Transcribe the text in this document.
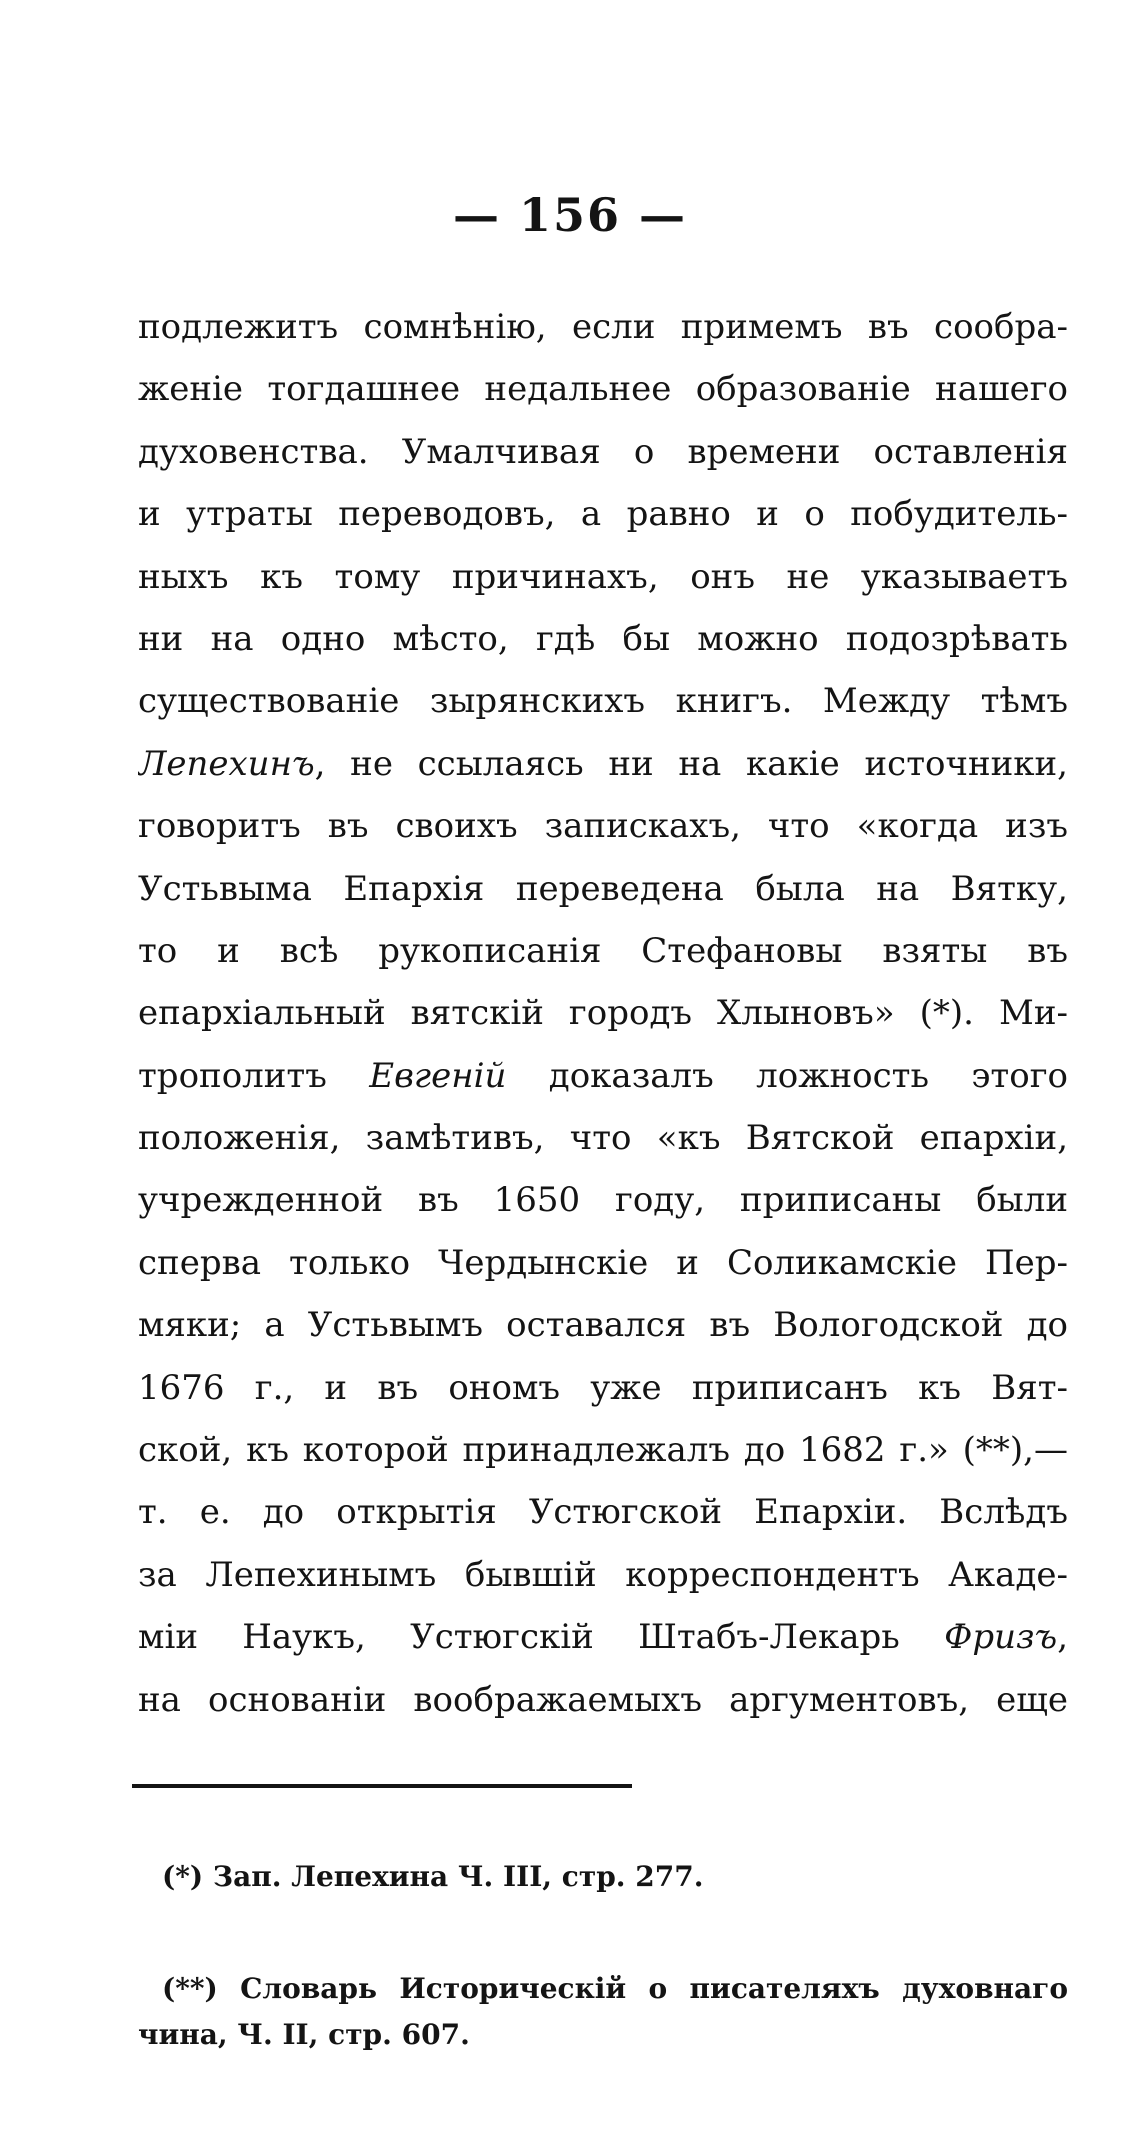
— 156 —
подлежитъ сомнѣнію, если примемъ въ сообра-
женіе тогдашнее недальнее образованіе нашего
духовенства. Умалчивая о времени оставленія
и утраты переводовъ, а равно и о побудитель-
ныхъ къ тому причинахъ, онъ не указываетъ
ни на одно мѣсто, гдѣ бы можно подозрѣвать
существованіе зырянскихъ книгъ. Между тѣмъ
Лепехинъ, не ссылаясь ни на какіе источники,
говоритъ въ своихъ запискахъ, что «когда изъ
Устьвыма Епархія переведена была на Вятку,
то и всѣ рукописанія Стефановы взяты въ
епархіальный вятскій городъ Хлыновъ» (*). Ми-
трополитъ Евгеній доказалъ ложность этого
положенія, замѣтивъ, что «къ Вятской епархіи,
учрежденной въ 1650 году, приписаны были
сперва только Чердынскіе и Соликамскіе Пер-
мяки; а Устьвымъ оставался въ Вологодской до
1676 г., и въ ономъ уже приписанъ къ Вят-
ской, къ которой принадлежалъ до 1682 г.» (**),—
т. е. до открытія Устюгской Епархіи. Вслѣдъ
за Лепехинымъ бывшій корреспондентъ Акаде-
міи Наукъ, Устюгскій Штабъ-Лекарь Фризъ,
на основаніи воображаемыхъ аргументовъ, еще
(*) Зап. Лепехина Ч. III, стр. 277.
(**) Словарь Историческій о писателяхъ духовнаго
чина, Ч. II, стр. 607.
